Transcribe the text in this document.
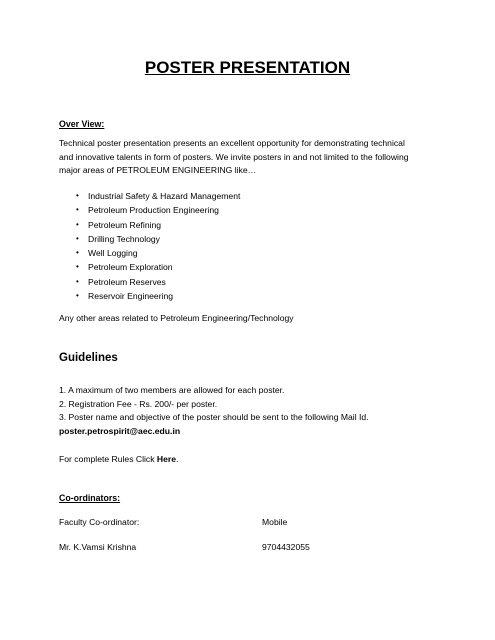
POSTER PRESENTATION
Over View:
Technical poster presentation presents an excellent opportunity for demonstrating technical
and innovative talents in form of posters. We invite posters in and not limited to the following
major areas of PETROLEUM ENGINEERING like…
• Industrial Safety & Hazard Management
• Petroleum Production Engineering
• Petroleum Refining
• Drilling Technology
• Well Logging
• Petroleum Exploration
• Petroleum Reserves
• Reservoir Engineering
Any other areas related to Petroleum Engineering/Technology
Guidelines
1. A maximum of two members are allowed for each poster.
2. Registration Fee - Rs. 200/- per poster.
3. Poster name and objective of the poster should be sent to the following Mail Id.
poster.petrospirit@aec.edu.in
For complete Rules Click Here.
Co-ordinators:
Faculty Co-ordinator:	Mobile
Mr. K.Vamsi Krishna	9704432055
